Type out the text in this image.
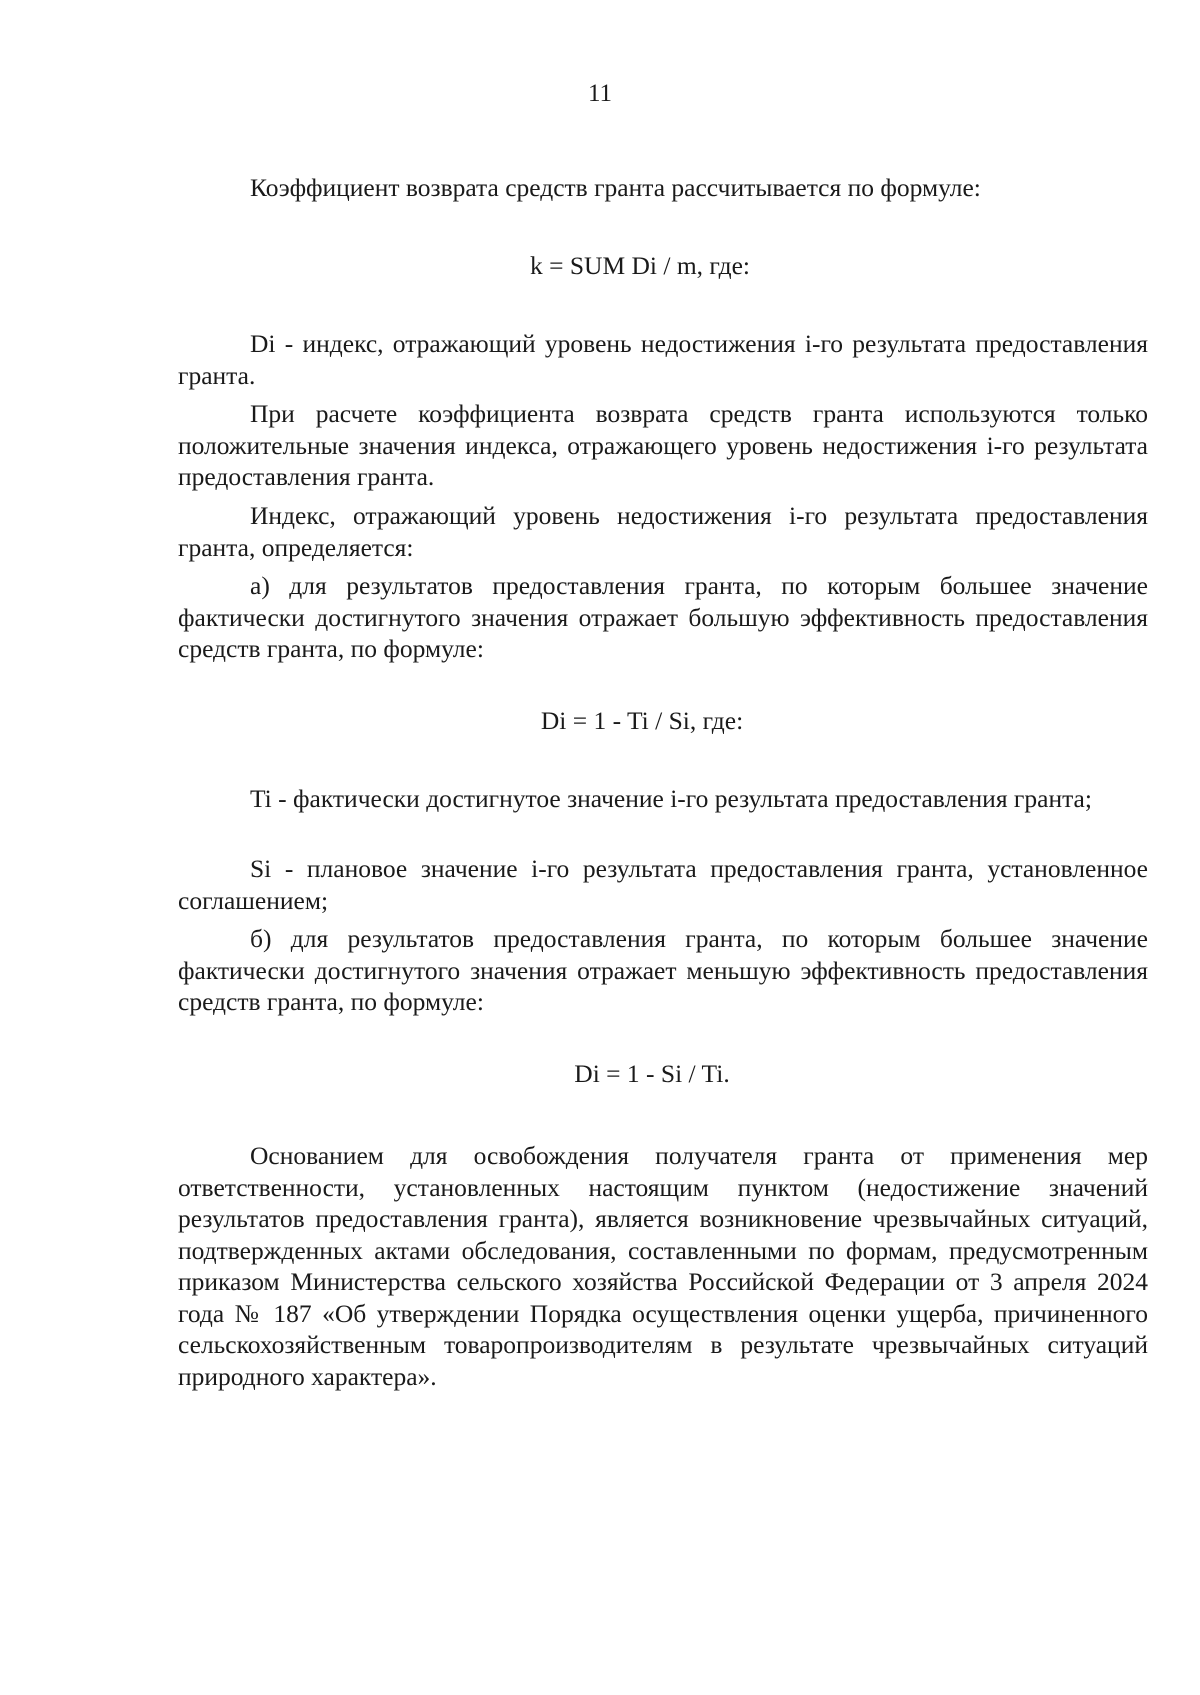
11

Коэффициент возврата средств гранта рассчитывается по формуле:

k = SUM Di / m, где:

Di - индекс, отражающий уровень недостижения i-го результата предоставления гранта.

При расчете коэффициента возврата средств гранта используются только положительные значения индекса, отражающего уровень недостижения i-го результата предоставления гранта.

Индекс, отражающий уровень недостижения i-го результата предоставления гранта, определяется:

а) для результатов предоставления гранта, по которым большее значение фактически достигнутого значения отражает большую эффективность предоставления средств гранта, по формуле:

Di = 1 - Ti / Si, где:

Ti - фактически достигнутое значение i-го результата предоставления гранта;

Si - плановое значение i-го результата предоставления гранта, установленное соглашением;

б) для результатов предоставления гранта, по которым большее значение фактически достигнутого значения отражает меньшую эффективность предоставления средств гранта, по формуле:

Di = 1 - Si / Ti.

Основанием для освобождения получателя гранта от применения мер ответственности, установленных настоящим пунктом (недостижение значений результатов предоставления гранта), является возникновение чрезвычайных ситуаций, подтвержденных актами обследования, составленными по формам, предусмотренным приказом Министерства сельского хозяйства Российской Федерации от 3 апреля 2024 года № 187 «Об утверждении Порядка осуществления оценки ущерба, причиненного сельскохозяйственным товаропроизводителям в результате чрезвычайных ситуаций природного характера».
